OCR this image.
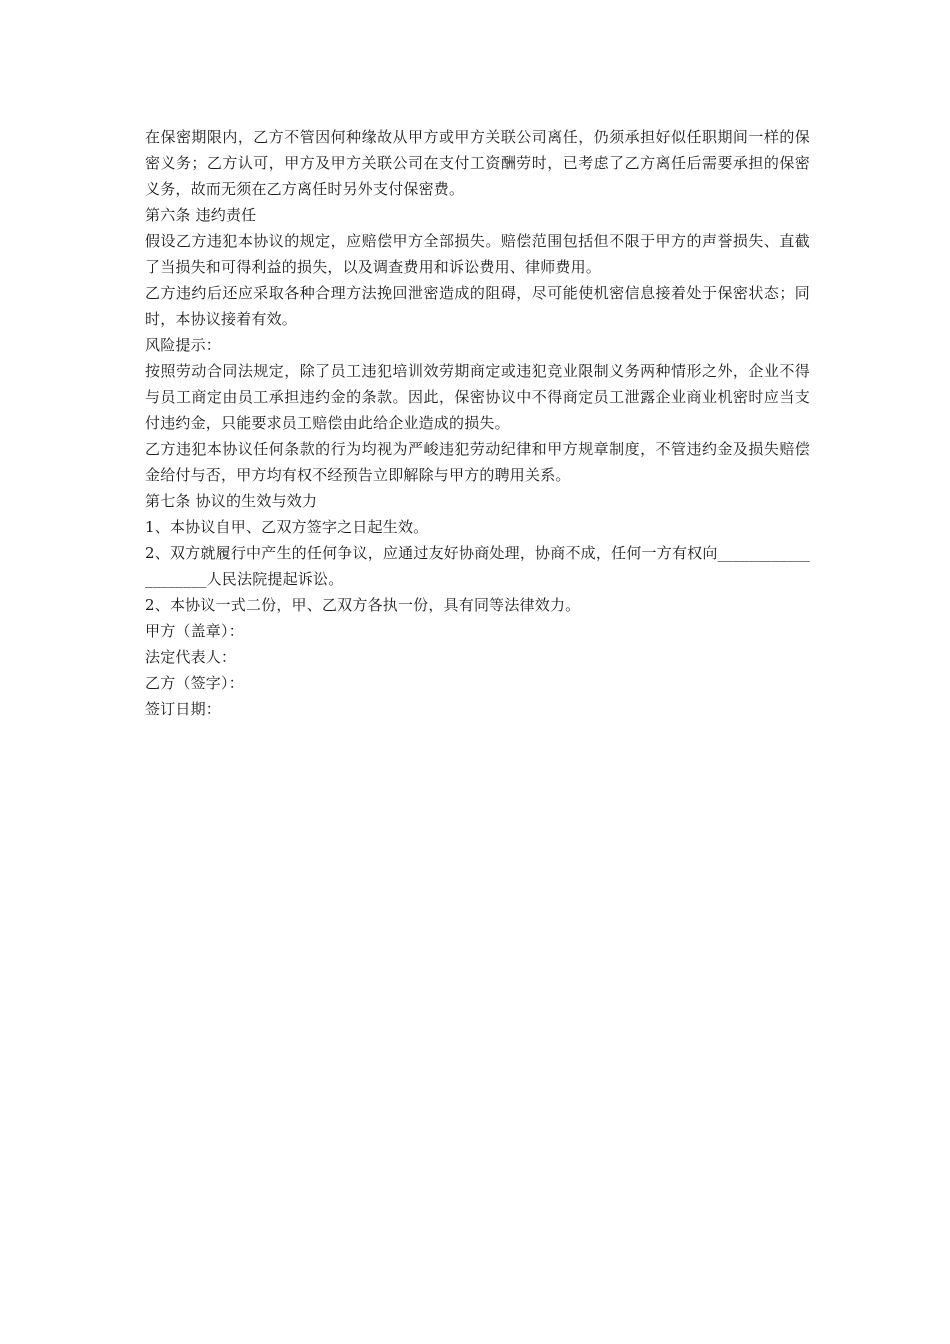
在保密期限内，乙方不管因何种缘故从甲方或甲方关联公司离任，仍须承担好似任职期间一样的保密义务；乙方认可，甲方及甲方关联公司在支付工资酬劳时，已考虑了乙方离任后需要承担的保密义务，故而无须在乙方离任时另外支付保密费。

第六条 违约责任

假设乙方违犯本协议的规定，应赔偿甲方全部损失。赔偿范围包括但不限于甲方的声誉损失、直截了当损失和可得利益的损失，以及调查费用和诉讼费用、律师费用。

乙方违约后还应采取各种合理方法挽回泄密造成的阻碍，尽可能使机密信息接着处于保密状态；同时，本协议接着有效。

风险提示：

按照劳动合同法规定，除了员工违犯培训效劳期商定或违犯竞业限制义务两种情形之外，企业不得与员工商定由员工承担违约金的条款。因此，保密协议中不得商定员工泄露企业商业机密时应当支付违约金，只能要求员工赔偿由此给企业造成的损失。

乙方违犯本协议任何条款的行为均视为严峻违犯劳动纪律和甲方规章制度，不管违约金及损失赔偿金给付与否，甲方均有权不经预告立即解除与甲方的聘用关系。

第七条 协议的生效与效力

1、本协议自甲、乙双方签字之日起生效。

2、双方就履行中产生的任何争议，应通过友好协商处理，协商不成，任何一方有权向____________________人民法院提起诉讼。

2、本协议一式二份，甲、乙双方各执一份，具有同等法律效力。

甲方（盖章）：

法定代表人：

乙方（签字）：

签订日期：
